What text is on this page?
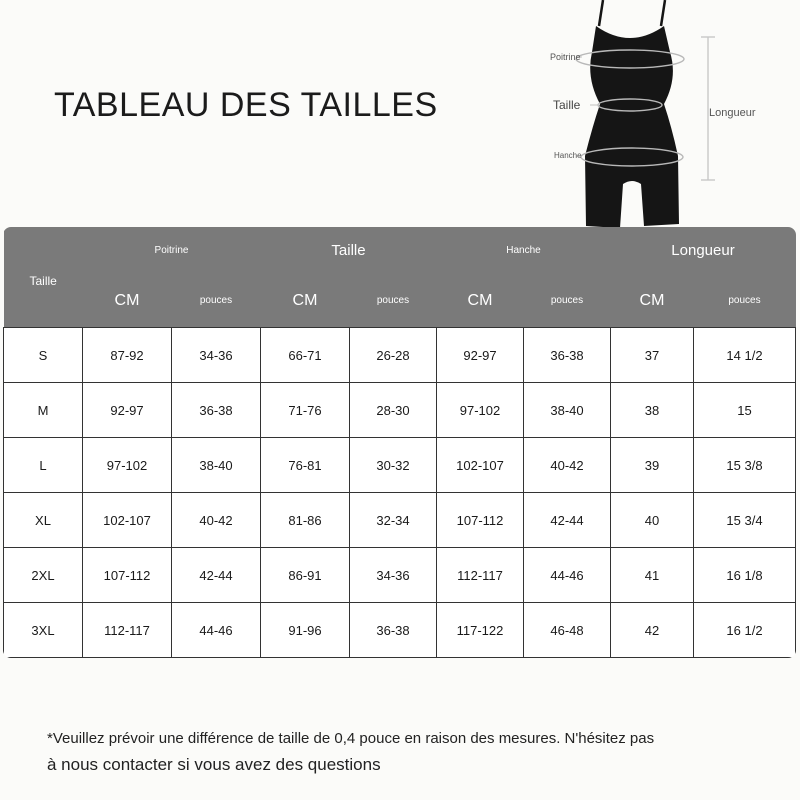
TABLEAU DES TAILLES
Poitrine
Taille
Hanche
Longueur
Taille	Poitrine		Taille		Hanche		Longueur	
	CM	pouces	CM	pouces	CM	pouces	CM	pouces
S	87-92	34-36	66-71	26-28	92-97	36-38	37	14 1/2
M	92-97	36-38	71-76	28-30	97-102	38-40	38	15
L	97-102	38-40	76-81	30-32	102-107	40-42	39	15 3/8
XL	102-107	40-42	81-86	32-34	107-112	42-44	40	15 3/4
2XL	107-112	42-44	86-91	34-36	112-117	44-46	41	16 1/8
3XL	112-117	44-46	91-96	36-38	117-122	46-48	42	16 1/2
*Veuillez prévoir une différence de taille de 0,4 pouce en raison des mesures. N'hésitez pas
à nous contacter si vous avez des questions
